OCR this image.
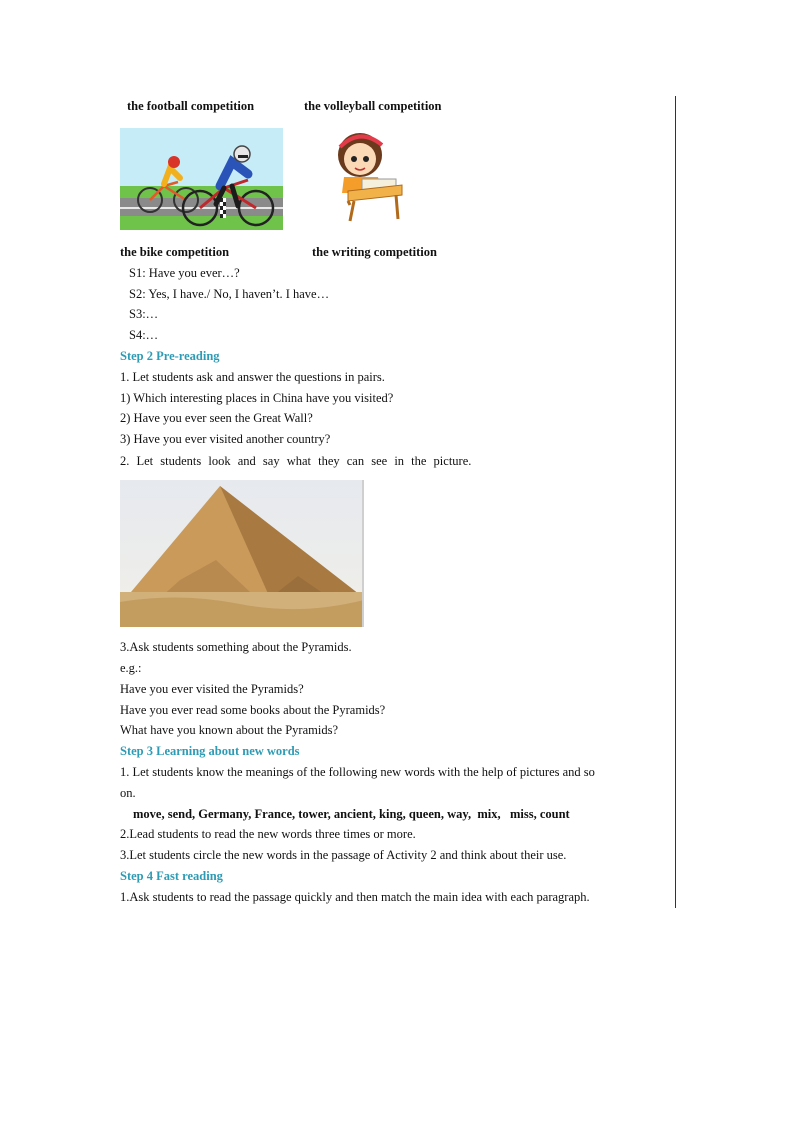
the football competition	the volleyball competition
the bike competition	the writing competition
S1: Have you ever…?
S2: Yes, I have./ No, I haven’t. I have…
S3:…
S4:…
Step 2 Pre-reading
1. Let students ask and answer the questions in pairs.
1) Which interesting places in China have you visited?
2) Have you ever seen the Great Wall?
3) Have you ever visited another country?
2. Let students look and say what they can see in the picture.
3.Ask students something about the Pyramids.
e.g.:
Have you ever visited the Pyramids?
Have you ever read some books about the Pyramids?
What have you known about the Pyramids?
Step 3 Learning about new words
1. Let students know the meanings of the following new words with the help of pictures and so
on.
move, send, Germany, France, tower, ancient, king, queen, way,  mix,   miss, count
2.Lead students to read the new words three times or more.
3.Let students circle the new words in the passage of Activity 2 and think about their use.
Step 4 Fast reading
1.Ask students to read the passage quickly and then match the main idea with each paragraph.
